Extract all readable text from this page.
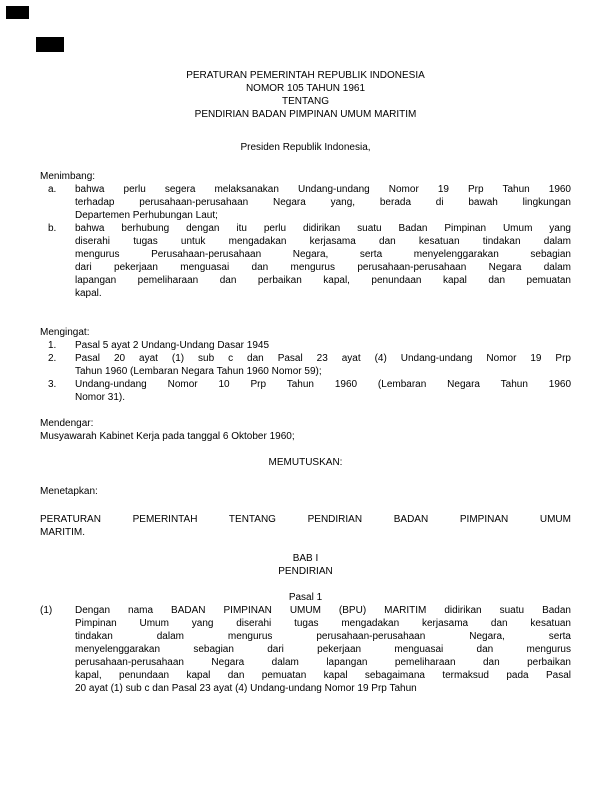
PERATURAN PEMERINTAH REPUBLIK INDONESIA
NOMOR 105 TAHUN 1961
TENTANG
PENDIRIAN BADAN PIMPINAN UMUM MARITIM
Presiden Republik Indonesia,
Menimbang:
a.	bahwa perlu segera melaksanakan Undang-undang Nomor 19 Prp Tahun 1960
terhadap perusahaan-perusahaan Negara yang, berada di bawah lingkungan
Departemen Perhubungan Laut;
b.	bahwa berhubung dengan itu perlu didirikan suatu Badan Pimpinan Umum yang
diserahi tugas untuk mengadakan kerjasama dan kesatuan tindakan dalam
mengurus Perusahaan-perusahaan Negara, serta menyelenggarakan sebagian
dari pekerjaan menguasai dan mengurus perusahaan-perusahaan Negara dalam
lapangan pemeliharaan dan perbaikan kapal, penundaan kapal dan pemuatan
kapal.
Mengingat:
1.	Pasal 5 ayat 2 Undang-Undang Dasar 1945
2.	Pasal 20 ayat (1) sub c dan Pasal 23 ayat (4) Undang-undang Nomor 19 Prp
Tahun 1960 (Lembaran Negara Tahun 1960 Nomor 59);
3.	Undang-undang Nomor 10 Prp Tahun 1960 (Lembaran Negara Tahun 1960
Nomor 31).
Mendengar:
Musyawarah Kabinet Kerja pada tanggal 6 Oktober 1960;
MEMUTUSKAN:
Menetapkan:
PERATURAN PEMERINTAH TENTANG PENDIRIAN BADAN PIMPINAN UMUM
MARITIM.
BAB I
PENDIRIAN
Pasal 1
(1)	Dengan nama BADAN PIMPINAN UMUM (BPU) MARITIM didirikan suatu Badan
Pimpinan Umum yang diserahi tugas mengadakan kerjasama dan kesatuan
tindakan dalam mengurus perusahaan-perusahaan Negara, serta
menyelenggarakan sebagian dari pekerjaan menguasai dan mengurus
perusahaan-perusahaan Negara dalam lapangan pemeliharaan dan perbaikan
kapal, penundaan kapal dan pemuatan kapal sebagaimana termaksud pada Pasal
20 ayat (1) sub c dan Pasal 23 ayat (4) Undang-undang Nomor 19 Prp Tahun
